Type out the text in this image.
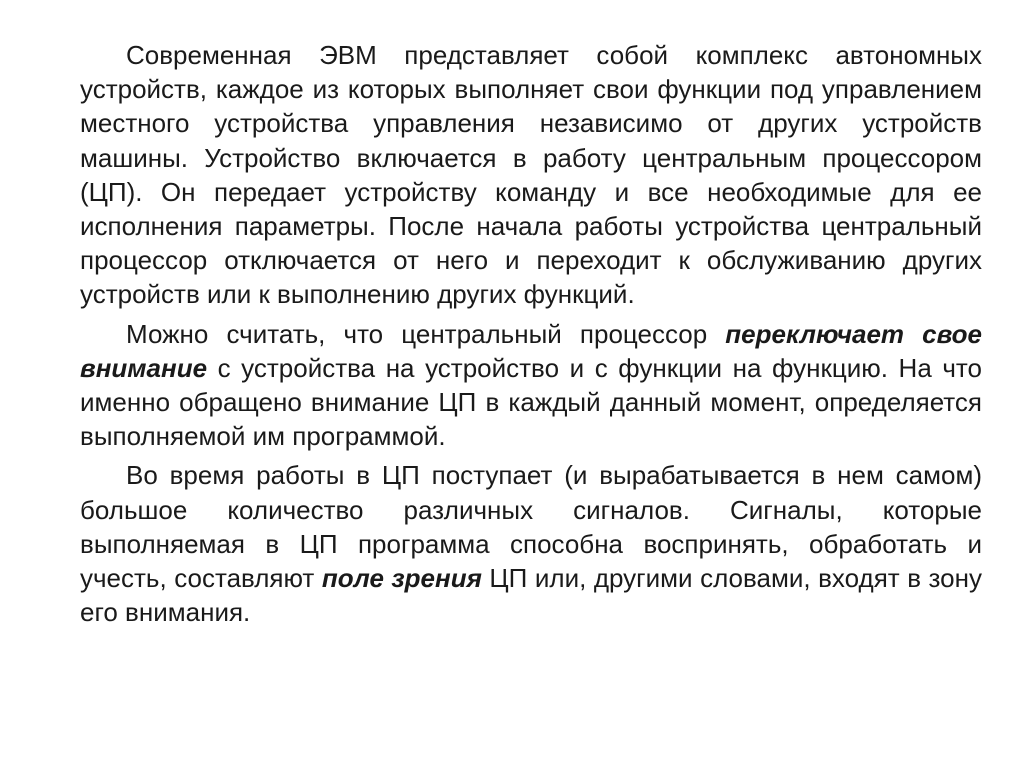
Современная ЭВМ представляет собой комплекс автономных устройств, каждое из которых выполняет свои функции под управлением местного устройства управления независимо от других устройств машины. Устройство включается в работу центральным процессором (ЦП). Он передает устройству команду и все необходимые для ее исполнения параметры. После начала работы устройства центральный процессор отключается от него и переходит к обслуживанию других устройств или к выполнению других функций.

Можно считать, что центральный процессор переключает свое внимание с устройства на устройство и с функции на функцию. На что именно обращено внимание ЦП в каждый данный момент, определяется выполняемой им программой.

Во время работы в ЦП поступает (и вырабатывается в нем самом) большое количество различных сигналов. Сигналы, которые выполняемая в ЦП программа способна воспринять, обработать и учесть, составляют поле зрения ЦП или, другими словами, входят в зону его внимания.
